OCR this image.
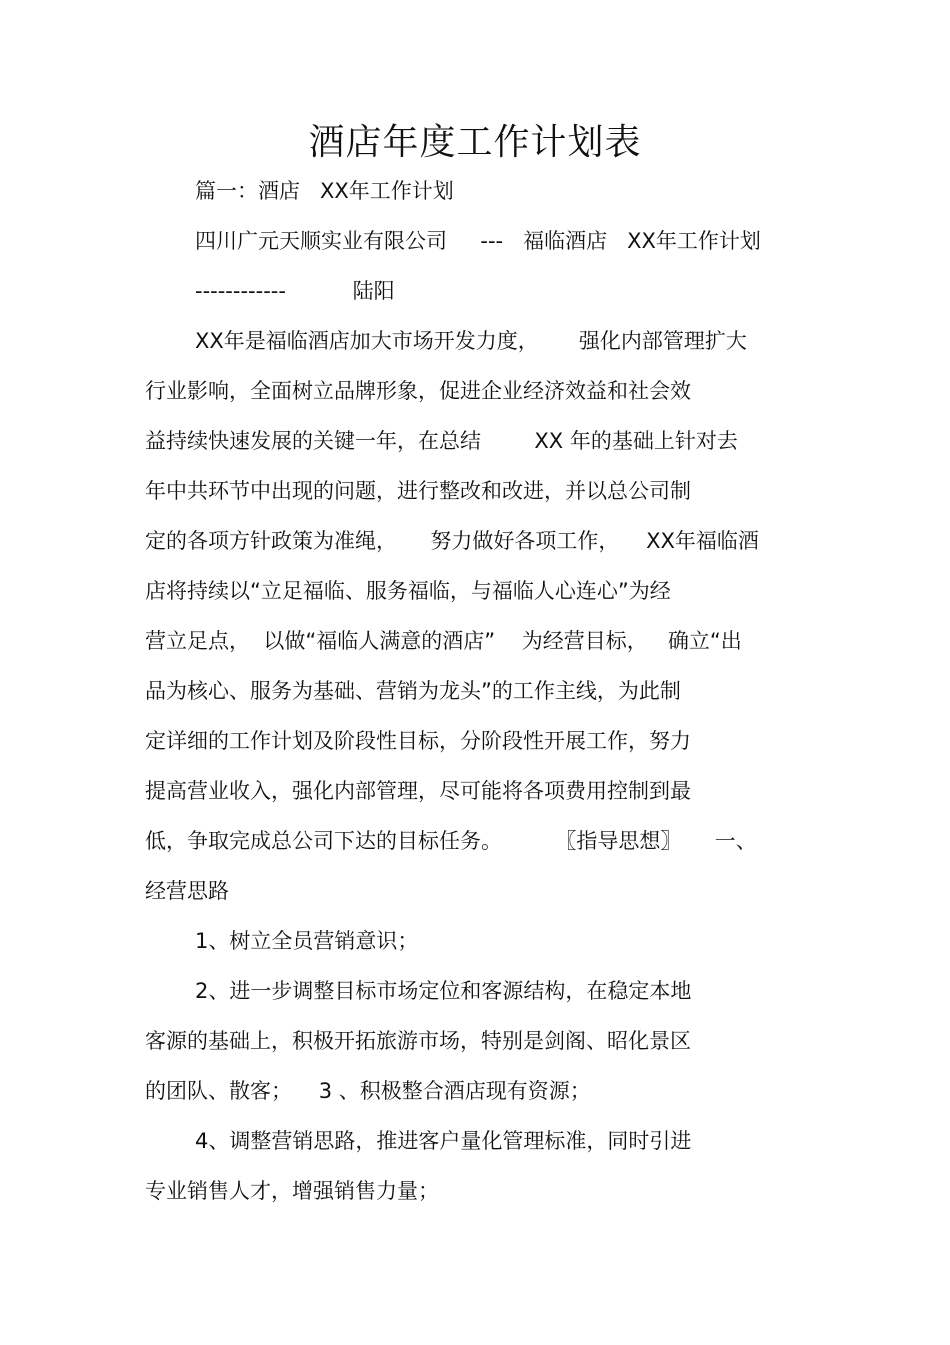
酒店年度工作计划表
篇一：酒店   XX年工作计划
四川广元天顺实业有限公司     ---   福临酒店   XX年工作计划
------------          陆阳
XX年是福临酒店加大市场开发力度，      强化内部管理扩大
行业影响，全面树立品牌形象，促进企业经济效益和社会效
益持续快速发展的关键一年，在总结        XX 年的基础上针对去
年中共环节中出现的问题，进行整改和改进，并以总公司制
定的各项方针政策为准绳，     努力做好各项工作，    XX年福临酒
店将持续以“立足福临、服务福临，与福临人心连心”为经
营立足点，  以做“福临人满意的酒店”    为经营目标，   确立“出
品为核心、服务为基础、营销为龙头”的工作主线，为此制
定详细的工作计划及阶段性目标，分阶段性开展工作，努力
提高营业收入，强化内部管理，尽可能将各项费用控制到最
低，争取完成总公司下达的目标任务。        〖指导思想〗     一、
经营思路
1、树立全员营销意识；
2、进一步调整目标市场定位和客源结构，在稳定本地
客源的基础上，积极开拓旅游市场，特别是剑阁、昭化景区
的团队、散客；    3 、积极整合酒店现有资源；
4、调整营销思路，推进客户量化管理标准，同时引进
专业销售人才，增强销售力量；
